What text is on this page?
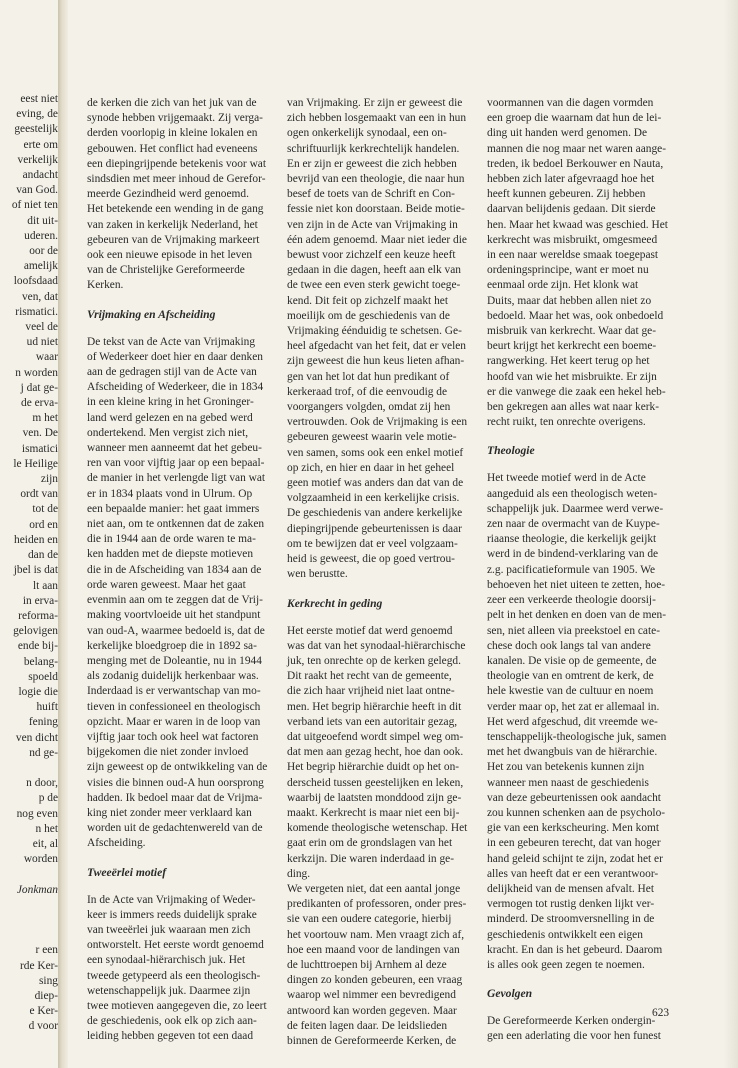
eest niet
eving, de
geestelijk
erte om
verkelijk
andacht
van God.
of niet ten
dit uit-
uderen.
oor de
amelijk
loofsdaad
ven, dat
rismatici.
veel de
ud niet
waar
n worden
j dat ge-
de erva-
m het
ven. De
ismatici
le Heilige
zijn
ordt van
tot de
ord en
heiden en
dan de
jbel is dat
lt aan
in erva-
reforma-
gelovigen
ende bij-
belang-
spoeld
logie die
huift
fening
ven dicht
nd ge-

n door,
p de
nog even
n het
eit, al
worden

Jonkman

r een
rde Ker-
sing
diep-
e Ker-
d voor
de kerken die zich van het juk van de
synode hebben vrijgemaakt. Zij verga-
derden voorlopig in kleine lokalen en
gebouwen. Het conflict had eveneens
een diepingrijpende betekenis voor wat
sindsdien met meer inhoud de Gerefor-
meerde Gezindheid werd genoemd.
Het betekende een wending in de gang
van zaken in kerkelijk Nederland, het
gebeuren van de Vrijmaking markeert
ook een nieuwe episode in het leven
van de Christelijke Gereformeerde
Kerken.
Vrijmaking en Afscheiding
De tekst van de Acte van Vrijmaking
of Wederkeer doet hier en daar denken
aan de gedragen stijl van de Acte van
Afscheiding of Wederkeer, die in 1834
in een kleine kring in het Groninger-
land werd gelezen en na gebed werd
ondertekend. Men vergist zich niet,
wanneer men aanneemt dat het gebeu-
ren van voor vijftig jaar op een bepaal-
de manier in het verlengde ligt van wat
er in 1834 plaats vond in Ulrum. Op
een bepaalde manier: het gaat immers
niet aan, om te ontkennen dat de zaken
die in 1944 aan de orde waren te ma-
ken hadden met de diepste motieven
die in de Afscheiding van 1834 aan de
orde waren geweest. Maar het gaat
evenmin aan om te zeggen dat de Vrij-
making voortvloeide uit het standpunt
van oud-A, waarmee bedoeld is, dat de
kerkelijke bloedgroep die in 1892 sa-
menging met de Doleantie, nu in 1944
als zodanig duidelijk herkenbaar was.
Inderdaad is er verwantschap van mo-
tieven in confessioneel en theologisch
opzicht. Maar er waren in de loop van
vijftig jaar toch ook heel wat factoren
bijgekomen die niet zonder invloed
zijn geweest op de ontwikkeling van de
visies die binnen oud-A hun oorsprong
hadden. Ik bedoel maar dat de Vrijma-
king niet zonder meer verklaard kan
worden uit de gedachtenwereld van de
Afscheiding.
Tweeërlei motief
In de Acte van Vrijmaking of Weder-
keer is immers reeds duidelijk sprake
van tweeërlei juk waaraan men zich
ontworstelt. Het eerste wordt genoemd
een synodaal-hiërarchisch juk. Het
tweede getypeerd als een theologisch-
wetenschappelijk juk. Daarmee zijn
twee motieven aangegeven die, zo leert
de geschiedenis, ook elk op zich aan-
leiding hebben gegeven tot een daad
van Vrijmaking. Er zijn er geweest die
zich hebben losgemaakt van een in hun
ogen onkerkelijk synodaal, een on-
schriftuurlijk kerkrechtelijk handelen.
En er zijn er geweest die zich hebben
bevrijd van een theologie, die naar hun
besef de toets van de Schrift en Con-
fessie niet kon doorstaan. Beide motie-
ven zijn in de Acte van Vrijmaking in
één adem genoemd. Maar niet ieder die
bewust voor zichzelf een keuze heeft
gedaan in die dagen, heeft aan elk van
de twee een even sterk gewicht toege-
kend. Dit feit op zichzelf maakt het
moeilijk om de geschiedenis van de
Vrijmaking éénduidig te schetsen. Ge-
heel afgedacht van het feit, dat er velen
zijn geweest die hun keus lieten afhan-
gen van het lot dat hun predikant of
kerkeraad trof, of die eenvoudig de
voorgangers volgden, omdat zij hen
vertrouwden. Ook de Vrijmaking is een
gebeuren geweest waarin vele motie-
ven samen, soms ook een enkel motief
op zich, en hier en daar in het geheel
geen motief was anders dan dat van de
volgzaamheid in een kerkelijke crisis.
De geschiedenis van andere kerkelijke
diepingrijpende gebeurtenissen is daar
om te bewijzen dat er veel volgzaam-
heid is geweest, die op goed vertrou-
wen berustte.
Kerkrecht in geding
Het eerste motief dat werd genoemd
was dat van het synodaal-hiërarchische
juk, ten onrechte op de kerken gelegd.
Dit raakt het recht van de gemeente,
die zich haar vrijheid niet laat ontne-
men. Het begrip hiërarchie heeft in dit
verband iets van een autoritair gezag,
dat uitgeoefend wordt simpel weg om-
dat men aan gezag hecht, hoe dan ook.
Het begrip hiërarchie duidt op het on-
derscheid tussen geestelijken en leken,
waarbij de laatsten monddood zijn ge-
maakt. Kerkrecht is maar niet een bij-
komende theologische wetenschap. Het
gaat erin om de grondslagen van het
kerkzijn. Die waren inderdaad in ge-
ding.
We vergeten niet, dat een aantal jonge
predikanten of professoren, onder pres-
sie van een oudere categorie, hierbij
het voortouw nam. Men vraagt zich af,
hoe een maand voor de landingen van
de luchttroepen bij Arnhem al deze
dingen zo konden gebeuren, een vraag
waarop wel nimmer een bevredigend
antwoord kan worden gegeven. Maar
de feiten lagen daar. De leidslieden
binnen de Gereformeerde Kerken, de
voormannen van die dagen vormden
een groep die waarnam dat hun de lei-
ding uit handen werd genomen. De
mannen die nog maar net waren aange-
treden, ik bedoel Berkouwer en Nauta,
hebben zich later afgevraagd hoe het
heeft kunnen gebeuren. Zij hebben
daarvan belijdenis gedaan. Dit sierde
hen. Maar het kwaad was geschied. Het
kerkrecht was misbruikt, omgesmeed
in een naar wereldse smaak toegepast
ordeningsprincipe, want er moet nu
eenmaal orde zijn. Het klonk wat
Duits, maar dat hebben allen niet zo
bedoeld. Maar het was, ook onbedoeld
misbruik van kerkrecht. Waar dat ge-
beurt krijgt het kerkrecht een boeme-
rangwerking. Het keert terug op het
hoofd van wie het misbruikte. Er zijn
er die vanwege die zaak een hekel heb-
ben gekregen aan alles wat naar kerk-
recht ruikt, ten onrechte overigens.
Theologie
Het tweede motief werd in de Acte
aangeduid als een theologisch weten-
schappelijk juk. Daarmee werd verwe-
zen naar de overmacht van de Kuype-
riaanse theologie, die kerkelijk geijkt
werd in de bindend-verklaring van de
z.g. pacificatieformule van 1905. We
behoeven het niet uiteen te zetten, hoe-
zeer een verkeerde theologie doorsij-
pelt in het denken en doen van de men-
sen, niet alleen via preekstoel en cate-
chese doch ook langs tal van andere
kanalen. De visie op de gemeente, de
theologie van en omtrent de kerk, de
hele kwestie van de cultuur en noem
verder maar op, het zat er allemaal in.
Het werd afgeschud, dit vreemde we-
tenschappelijk-theologische juk, samen
met het dwangbuis van de hiërarchie.
Het zou van betekenis kunnen zijn
wanneer men naast de geschiedenis
van deze gebeurtenissen ook aandacht
zou kunnen schenken aan de psycholo-
gie van een kerkscheuring. Men komt
in een gebeuren terecht, dat van hoger
hand geleid schijnt te zijn, zodat het er
alles van heeft dat er een verantwoor-
delijkheid van de mensen afvalt. Het
vermogen tot rustig denken lijkt ver-
minderd. De stroomversnelling in de
geschiedenis ontwikkelt een eigen
kracht. En dan is het gebeurd. Daarom
is alles ook geen zegen te noemen.
Gevolgen
De Gereformeerde Kerken ondergin-
gen een aderlating die voor hen funest
623
